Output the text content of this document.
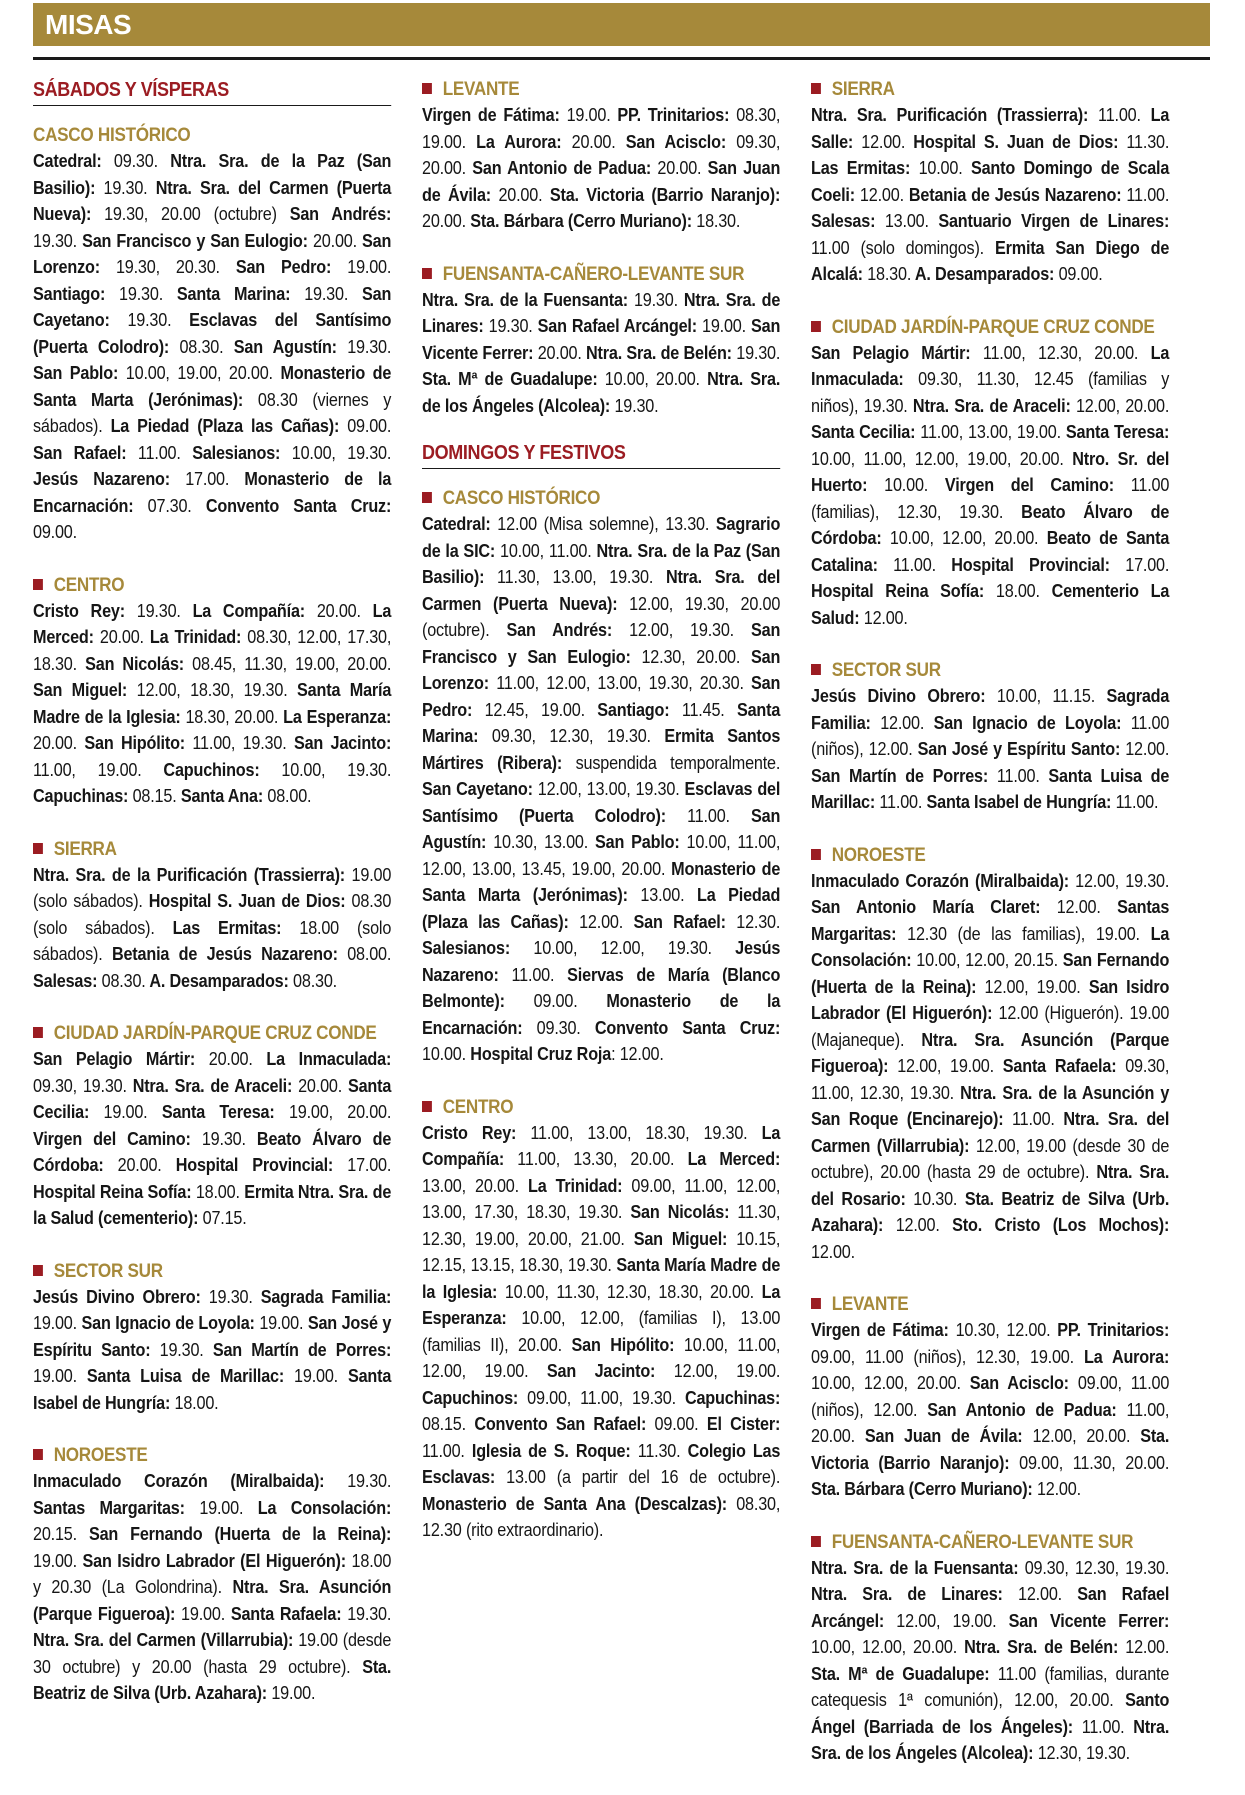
MISAS
SÁBADOS Y VÍSPERAS
CASCO HISTÓRICO

Catedral: 09.30. Ntra. Sra. de la Paz (San Basilio): 19.30. Ntra. Sra. del Carmen (Puerta Nueva): 19.30, 20.00 (octubre) San Andrés: 19.30. San Francisco y San Eulogio: 20.00. San Lorenzo: 19.30, 20.30. San Pedro: 19.00. Santiago: 19.30. Santa Marina: 19.30. San Cayetano: 19.30. Esclavas del Santísimo (Puerta Colodro): 08.30. San Agustín: 19.30. San Pablo: 10.00, 19.00, 20.00. Monasterio de Santa Marta (Jerónimas): 08.30 (viernes y sábados). La Piedad (Plaza las Cañas): 09.00. San Rafael: 11.00. Salesianos: 10.00, 19.30. Jesús Nazareno: 17.00. Monasterio de la Encarnación: 07.30. Convento Santa Cruz: 09.00.

CENTRO

Cristo Rey: 19.30. La Compañía: 20.00. La Merced: 20.00. La Trinidad: 08.30, 12.00, 17.30, 18.30. San Nicolás: 08.45, 11.30, 19.00, 20.00. San Miguel: 12.00, 18.30, 19.30. Santa María Madre de la Iglesia: 18.30, 20.00. La Esperanza: 20.00. San Hipólito: 11.00, 19.30. San Jacinto: 11.00, 19.00. Capuchinos: 10.00, 19.30. Capuchinas: 08.15. Santa Ana: 08.00.

SIERRA

Ntra. Sra. de la Purificación (Trassierra): 19.00 (solo sábados). Hospital S. Juan de Dios: 08.30 (solo sábados). Las Ermitas: 18.00 (solo sábados). Betania de Jesús Nazareno: 08.00. Salesas: 08.30. A. Desamparados: 08.30.

CIUDAD JARDÍN-PARQUE CRUZ CONDE

San Pelagio Mártir: 20.00. La Inmaculada: 09.30, 19.30. Ntra. Sra. de Araceli: 20.00. Santa Cecilia: 19.00. Santa Teresa: 19.00, 20.00. Virgen del Camino: 19.30. Beato Álvaro de Córdoba: 20.00. Hospital Provincial: 17.00. Hospital Reina Sofía: 18.00. Ermita Ntra. Sra. de la Salud (cementerio): 07.15.

SECTOR SUR

Jesús Divino Obrero: 19.30. Sagrada Familia: 19.00. San Ignacio de Loyola: 19.00. San José y Espíritu Santo: 19.30. San Martín de Porres: 19.00. Santa Luisa de Marillac: 19.00. Santa Isabel de Hungría: 18.00.

NOROESTE

Inmaculado Corazón (Miralbaida): 19.30. Santas Margaritas: 19.00. La Consolación: 20.15. San Fernando (Huerta de la Reina): 19.00. San Isidro Labrador (El Higuerón): 18.00 y 20.30 (La Golondrina). Ntra. Sra. Asunción (Parque Figueroa): 19.00. Santa Rafaela: 19.30. Ntra. Sra. del Carmen (Villarrubia): 19.00 (desde 30 octubre) y 20.00 (hasta 29 octubre). Sta. Beatriz de Silva (Urb. Azahara): 19.00.

LEVANTE

Virgen de Fátima: 19.00. PP. Trinitarios: 08.30, 19.00. La Aurora: 20.00. San Acisclo: 09.30, 20.00. San Antonio de Padua: 20.00. San Juan de Ávila: 20.00. Sta. Victoria (Barrio Naranjo): 20.00. Sta. Bárbara (Cerro Muriano): 18.30.

FUENSANTA-CAÑERO-LEVANTE SUR

Ntra. Sra. de la Fuensanta: 19.30. Ntra. Sra. de Linares: 19.30. San Rafael Arcángel: 19.00. San Vicente Ferrer: 20.00. Ntra. Sra. de Belén: 19.30. Sta. Mª de Guadalupe: 10.00, 20.00. Ntra. Sra. de los Ángeles (Alcolea): 19.30.

DOMINGOS Y FESTIVOS
CASCO HISTÓRICO

Catedral: 12.00 (Misa solemne), 13.30. Sagrario de la SIC: 10.00, 11.00. Ntra. Sra. de la Paz (San Basilio): 11.30, 13.00, 19.30. Ntra. Sra. del Carmen (Puerta Nueva): 12.00, 19.30, 20.00 (octubre). San Andrés: 12.00, 19.30. San Francisco y San Eulogio: 12.30, 20.00. San Lorenzo: 11.00, 12.00, 13.00, 19.30, 20.30. San Pedro: 12.45, 19.00. Santiago: 11.45. Santa Marina: 09.30, 12.30, 19.30. Ermita Santos Mártires (Ribera): suspendida temporalmente. San Cayetano: 12.00, 13.00, 19.30. Esclavas del Santísimo (Puerta Colodro): 11.00. San Agustín: 10.30, 13.00. San Pablo: 10.00, 11.00, 12.00, 13.00, 13.45, 19.00, 20.00. Monasterio de Santa Marta (Jerónimas): 13.00. La Piedad (Plaza las Cañas): 12.00. San Rafael: 12.30. Salesianos: 10.00, 12.00, 19.30. Jesús Nazareno: 11.00. Siervas de María (Blanco Belmonte): 09.00. Monasterio de la Encarnación: 09.30. Convento Santa Cruz: 10.00. Hospital Cruz Roja: 12.00.

CENTRO

Cristo Rey: 11.00, 13.00, 18.30, 19.30. La Compañía: 11.00, 13.30, 20.00. La Merced: 13.00, 20.00. La Trinidad: 09.00, 11.00, 12.00, 13.00, 17.30, 18.30, 19.30. San Nicolás: 11.30, 12.30, 19.00, 20.00, 21.00. San Miguel: 10.15, 12.15, 13.15, 18.30, 19.30. Santa María Madre de la Iglesia: 10.00, 11.30, 12.30, 18.30, 20.00. La Esperanza: 10.00, 12.00, (familias I), 13.00 (familias II), 20.00. San Hipólito: 10.00, 11.00, 12.00, 19.00. San Jacinto: 12.00, 19.00. Capuchinos: 09.00, 11.00, 19.30. Capuchinas: 08.15. Convento San Rafael: 09.00. El Cister: 11.00. Iglesia de S. Roque: 11.30. Colegio Las Esclavas: 13.00 (a partir del 16 de octubre). Monasterio de Santa Ana (Descalzas): 08.30, 12.30 (rito extraordinario).

SIERRA

Ntra. Sra. Purificación (Trassierra): 11.00. La Salle: 12.00. Hospital S. Juan de Dios: 11.30. Las Ermitas: 10.00. Santo Domingo de Scala Coeli: 12.00. Betania de Jesús Nazareno: 11.00. Salesas: 13.00. Santuario Virgen de Linares: 11.00 (solo domingos). Ermita San Diego de Alcalá: 18.30. A. Desamparados: 09.00.

CIUDAD JARDÍN-PARQUE CRUZ CONDE

San Pelagio Mártir: 11.00, 12.30, 20.00. La Inmaculada: 09.30, 11.30, 12.45 (familias y niños), 19.30. Ntra. Sra. de Araceli: 12.00, 20.00. Santa Cecilia: 11.00, 13.00, 19.00. Santa Teresa: 10.00, 11.00, 12.00, 19.00, 20.00. Ntro. Sr. del Huerto: 10.00. Virgen del Camino: 11.00 (familias), 12.30, 19.30. Beato Álvaro de Córdoba: 10.00, 12.00, 20.00. Beato de Santa Catalina: 11.00. Hospital Provincial: 17.00. Hospital Reina Sofía: 18.00. Cementerio La Salud: 12.00.

SECTOR SUR

Jesús Divino Obrero: 10.00, 11.15. Sagrada Familia: 12.00. San Ignacio de Loyola: 11.00 (niños), 12.00. San José y Espíritu Santo: 12.00. San Martín de Porres: 11.00. Santa Luisa de Marillac: 11.00. Santa Isabel de Hungría: 11.00.

NOROESTE

Inmaculado Corazón (Miralbaida): 12.00, 19.30. San Antonio María Claret: 12.00. Santas Margaritas: 12.30 (de las familias), 19.00. La Consolación: 10.00, 12.00, 20.15. San Fernando (Huerta de la Reina): 12.00, 19.00. San Isidro Labrador (El Higuerón): 12.00 (Higuerón). 19.00 (Majaneque). Ntra. Sra. Asunción (Parque Figueroa): 12.00, 19.00. Santa Rafaela: 09.30, 11.00, 12.30, 19.30. Ntra. Sra. de la Asunción y San Roque (Encinarejo): 11.00. Ntra. Sra. del Carmen (Villarrubia): 12.00, 19.00 (desde 30 de octubre), 20.00 (hasta 29 de octubre). Ntra. Sra. del Rosario: 10.30. Sta. Beatriz de Silva (Urb. Azahara): 12.00. Sto. Cristo (Los Mochos): 12.00.

LEVANTE

Virgen de Fátima: 10.30, 12.00. PP. Trinitarios: 09.00, 11.00 (niños), 12.30, 19.00. La Aurora: 10.00, 12.00, 20.00. San Acisclo: 09.00, 11.00 (niños), 12.00. San Antonio de Padua: 11.00, 20.00. San Juan de Ávila: 12.00, 20.00. Sta. Victoria (Barrio Naranjo): 09.00, 11.30, 20.00. Sta. Bárbara (Cerro Muriano): 12.00.

FUENSANTA-CAÑERO-LEVANTE SUR

Ntra. Sra. de la Fuensanta: 09.30, 12.30, 19.30. Ntra. Sra. de Linares: 12.00. San Rafael Arcángel: 12.00, 19.00. San Vicente Ferrer: 10.00, 12.00, 20.00. Ntra. Sra. de Belén: 12.00. Sta. Mª de Guadalupe: 11.00 (familias, durante catequesis 1ª comunión), 12.00, 20.00. Santo Ángel (Barriada de los Ángeles): 11.00. Ntra. Sra. de los Ángeles (Alcolea): 12.30, 19.30.
